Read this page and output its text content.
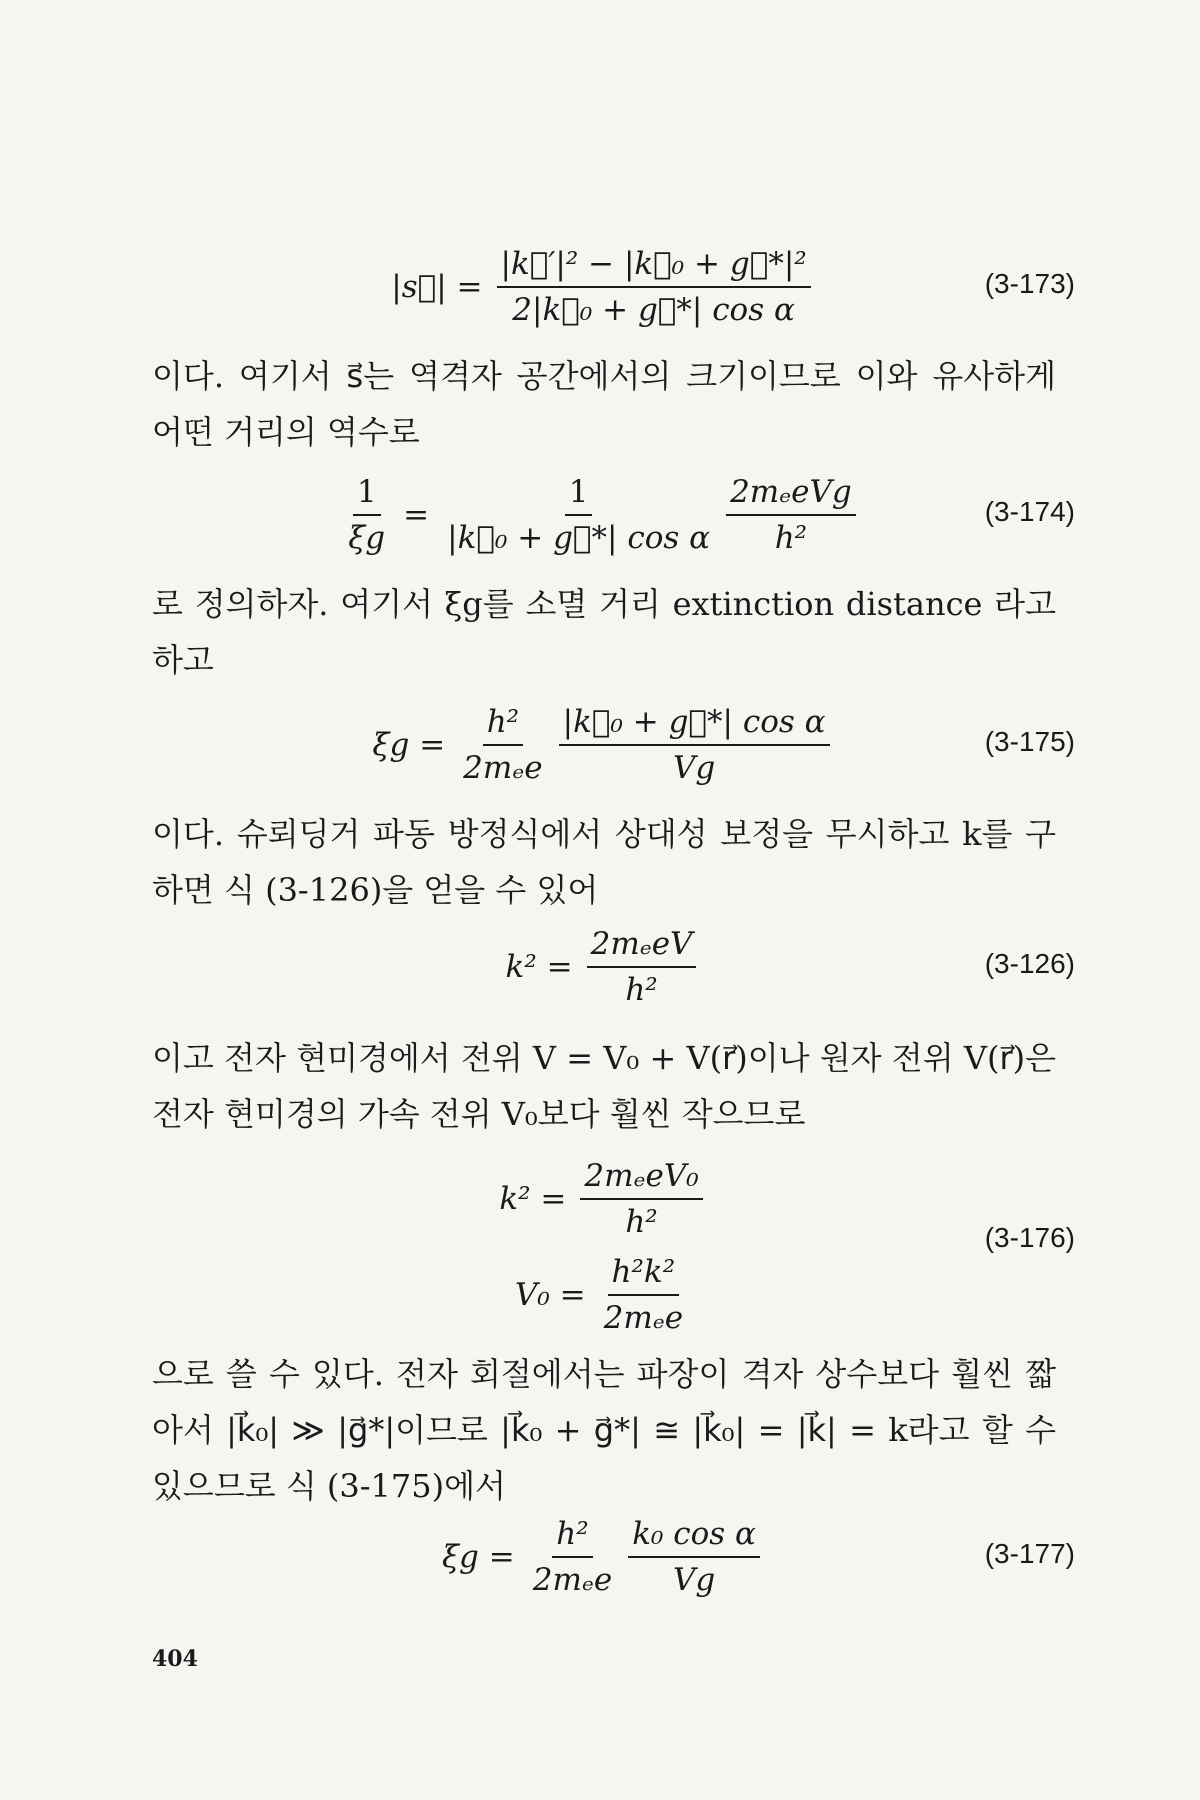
|s⃗| = $\frac{\text{|k⃗′|² − |k⃗₀ + g⃗*|²}}{\text{2|k⃗₀ + g⃗*| cos α}}$	(3-173)
이다. 여기서 s⃗는 역격자 공간에서의 크기이므로 이와 유사하게 어떤 거리의 역수로
$\frac{1}{\xi g} = \frac{1}{\text{|k⃗₀ + g⃗*| cos α}} \frac{\text{2mₑeVg}}{\text{h²}}$	(3-174)
로 정의하자. 여기서 ξg를 소멸 거리 extinction distance 라고 하고
$\xi g = \frac{\text{h²}}{\text{2mₑe}} \frac{\text{|k⃗₀ + g⃗*| cos α}}{Vg}$	(3-175)
이다. 슈뢰딩거 파동 방정식에서 상대성 보정을 무시하고 k를 구하면 식 (3-126)을 얻을 수 있어
$k^2 = \frac{\text{2mₑeV}}{\text{h²}}$	(3-126)
이고 전자 현미경에서 전위 V = V₀ + V(r⃗)이나 원자 전위 V(r⃗)은 전자 현미경의 가속 전위 V₀보다 훨씬 작으므로
$k^2 = \frac{\text{2mₑeV₀}}{\text{h²}}$
$V_0 = \frac{\text{h²k²}}{\text{2mₑe}}$
(3-176)
으로 쓸 수 있다. 전자 회절에서는 파장이 격자 상수보다 훨씬 짧아서 |k⃗₀| ≫ |g⃗*|이므로 |k⃗₀ + g⃗*| ≅ |k⃗₀| = |k⃗| = k라고 할 수 있으므로 식 (3-175)에서
$\xi g = \frac{\text{h²}}{\text{2mₑe}} \frac{\text{k₀ cos α}}{Vg}$	(3-177)
404
